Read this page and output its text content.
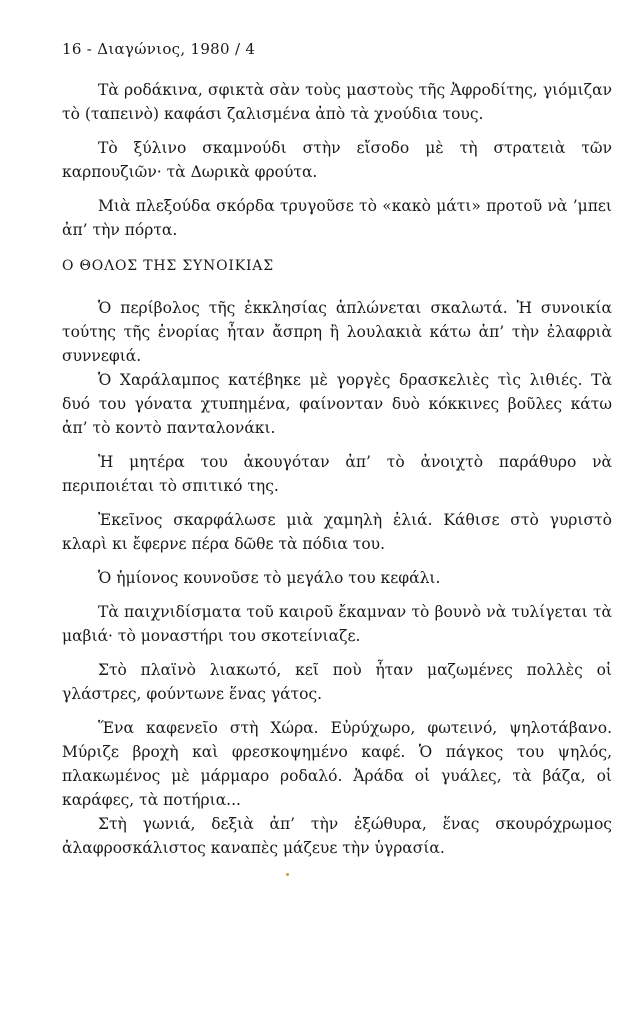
16 - Διαγώνιος, 1980 / 4

Τὰ ροδάκινα, σφικτὰ σὰν τοὺς μαστοὺς τῆς Ἀφροδίτης, γιόμιζαν τὸ (ταπεινὸ) καφάσι ζαλισμένα ἀπὸ τὰ χνούδια τους.

Τὸ ξύλινο σκαμνούδι στὴν εἴσοδο μὲ τὴ στρατειὰ τῶν καρπουζιῶν· τὰ Δωρικὰ φρούτα.

Μιὰ πλεξούδα σκόρδα τρυγοῦσε τὸ «κακὸ μάτι» προτοῦ νὰ ’μπει ἀπ’ τὴν πόρτα.

Ο ΘΟΛΟΣ ΤΗΣ ΣΥΝΟΙΚΙΑΣ

Ὁ περίβολος τῆς ἐκκλησίας ἁπλώνεται σκαλωτά. Ἡ συνοικία τούτης τῆς ἐνορίας ἦταν ἄσπρη ἢ λουλακιὰ κάτω ἀπ’ τὴν ἐλαφριὰ συννεφιά.

Ὁ Χαράλαμπος κατέβηκε μὲ γοργὲς δρασκελιὲς τὶς λιθιές. Τὰ δυό του γόνατα χτυπημένα, φαίνονταν δυὸ κόκκινες βοῦλες κάτω ἀπ’ τὸ κοντὸ πανταλονάκι.

Ἡ μητέρα του ἀκουγόταν ἀπ’ τὸ ἀνοιχτὸ παράθυρο νὰ περιποιέται τὸ σπιτικό της.

Ἐκεῖνος σκαρφάλωσε μιὰ χαμηλὴ ἐλιά. Κάθισε στὸ γυριστὸ κλαρὶ κι ἔφερνε πέρα δῶθε τὰ πόδια του.

Ὁ ἡμίονος κουνοῦσε τὸ μεγάλο του κεφάλι.

Τὰ παιχνιδίσματα τοῦ καιροῦ ἔκαμναν τὸ βουνὸ νὰ τυλίγεται τὰ μαβιά· τὸ μοναστήρι του σκοτείνιαζε.

Στὸ πλαϊνὸ λιακωτό, κεῖ ποὺ ἦταν μαζωμένες πολλὲς οἱ γλάστρες, φούντωνε ἕνας γάτος.

Ἕνα καφενεῖο στὴ Χώρα. Εὐρύχωρο, φωτεινό, ψηλοτάβανο. Μύριζε βροχὴ καὶ φρεσκοψημένο καφέ. Ὁ πάγκος του ψηλός, πλακωμένος μὲ μάρμαρο ροδαλό. Ἀράδα οἱ γυάλες, τὰ βάζα, οἱ καράφες, τὰ ποτήρια...

Στὴ γωνιά, δεξιὰ ἀπ’ τὴν ἐξώθυρα, ἕνας σκουρόχρωμος ἀλαφροσκάλιστος καναπὲς μάζευε τὴν ὑγρασία.
